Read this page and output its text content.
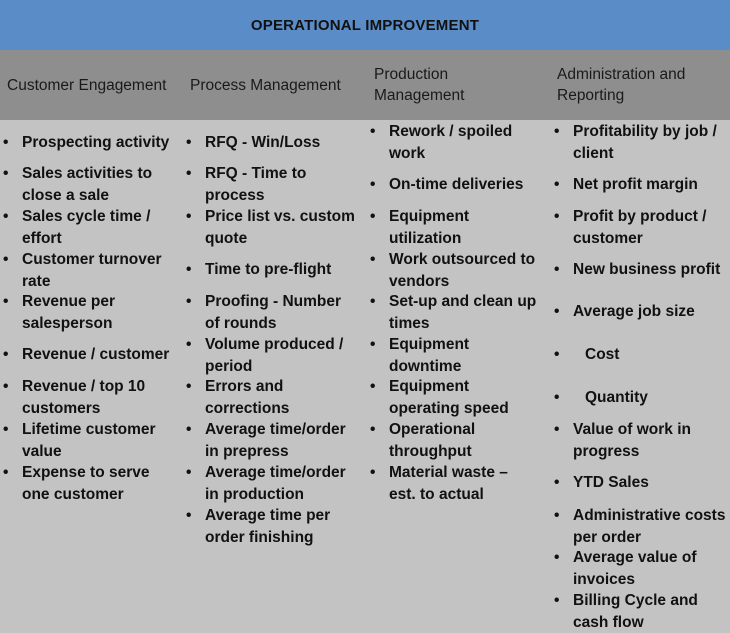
OPERATIONAL IMPROVEMENT
Customer Engagement Process Management
Production Management
Administration and Reporting
• Prospecting activity
• Sales activities to close a sale
• Sales cycle time / effort
• Customer turnover rate
• Revenue per salesperson
• Revenue / customer
• Revenue / top 10 customers
• Lifetime customer value
• Expense to serve one customer
• RFQ - Win/Loss
• RFQ - Time to process
• Price list vs. custom quote
• Time to pre-flight
• Proofing - Number of rounds
• Volume produced / period
• Errors and corrections
• Average time/order in prepress
• Average time/order in production
• Average time per order finishing
• Rework / spoiled work
• On-time deliveries
• Equipment utilization
• Work outsourced to vendors
• Set-up and clean up times
• Equipment downtime
• Equipment operating speed
• Operational throughput
• Material waste – est. to actual
• Profitability by job / client
• Net profit margin
• Profit by product / customer
• New business profit
• Average job size
• Cost
• Quantity
• Value of work in progress
• YTD Sales
• Administrative costs per order
• Average value of invoices
• Billing Cycle and cash flow
